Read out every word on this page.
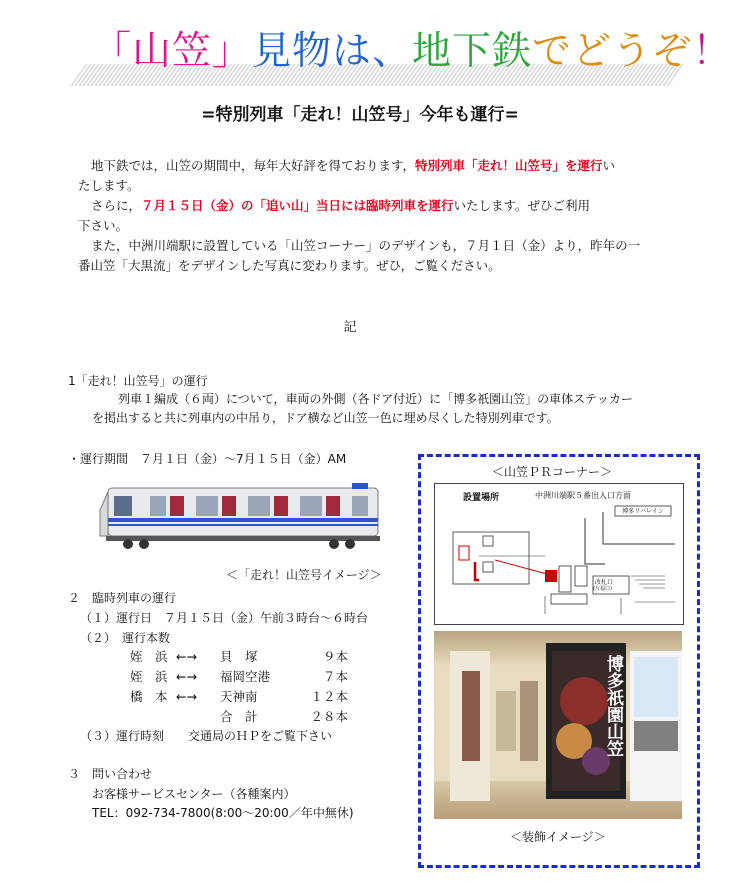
「山笠」見物は、地下鉄でどうぞ！
=特別列車「走れ！山笠号」今年も運行=
地下鉄では，山笠の期間中，毎年大好評を得ております，特別列車「走れ！山笠号」を運行い
たします。
さらに，７月１５日（金）の「追い山」当日には臨時列車を運行いたします。ぜひご利用
下さい。
また，中洲川端駅に設置している「山笠コーナー」のデザインも，７月１日（金）より，昨年の一
番山笠「大黒流」をデザインした写真に変わります。ぜひ，ご覧ください。
記
1「走れ！山笠号」の運行
列車１編成（６両）について，車両の外側（各ドア付近）に「博多祇園山笠」の車体ステッカー
を掲出すると共に列車内の中吊り，ドア横など山笠一色に埋め尽くした特別列車です。
・運行期間　７月１日（金）～7月１５日（金）AM
＜「走れ！山笠号イメージ＞
２　臨時列車の運行
（１）運行日　７月１５日（金）午前３時台～６時台
（２）　運行本数
姪　浜	←→	貝　塚	９本
姪　浜	←→	福岡空港	７本
橋　本	←→	天神南	１２本
		合　計	２８本
（３）運行時刻　　交通局のＨＰをご覧下さい
３　問い合わせ
お客様サービスセンター（各種案内）
TEL：092-734-7800(8:00～20:00／年中無休)
＜山笠ＰＲコーナー＞
設置場所	中洲川端駅５番出入口方面
博多リバレイン
改札口
(片福口)
博多祇園山笠
＜装飾イメージ＞
